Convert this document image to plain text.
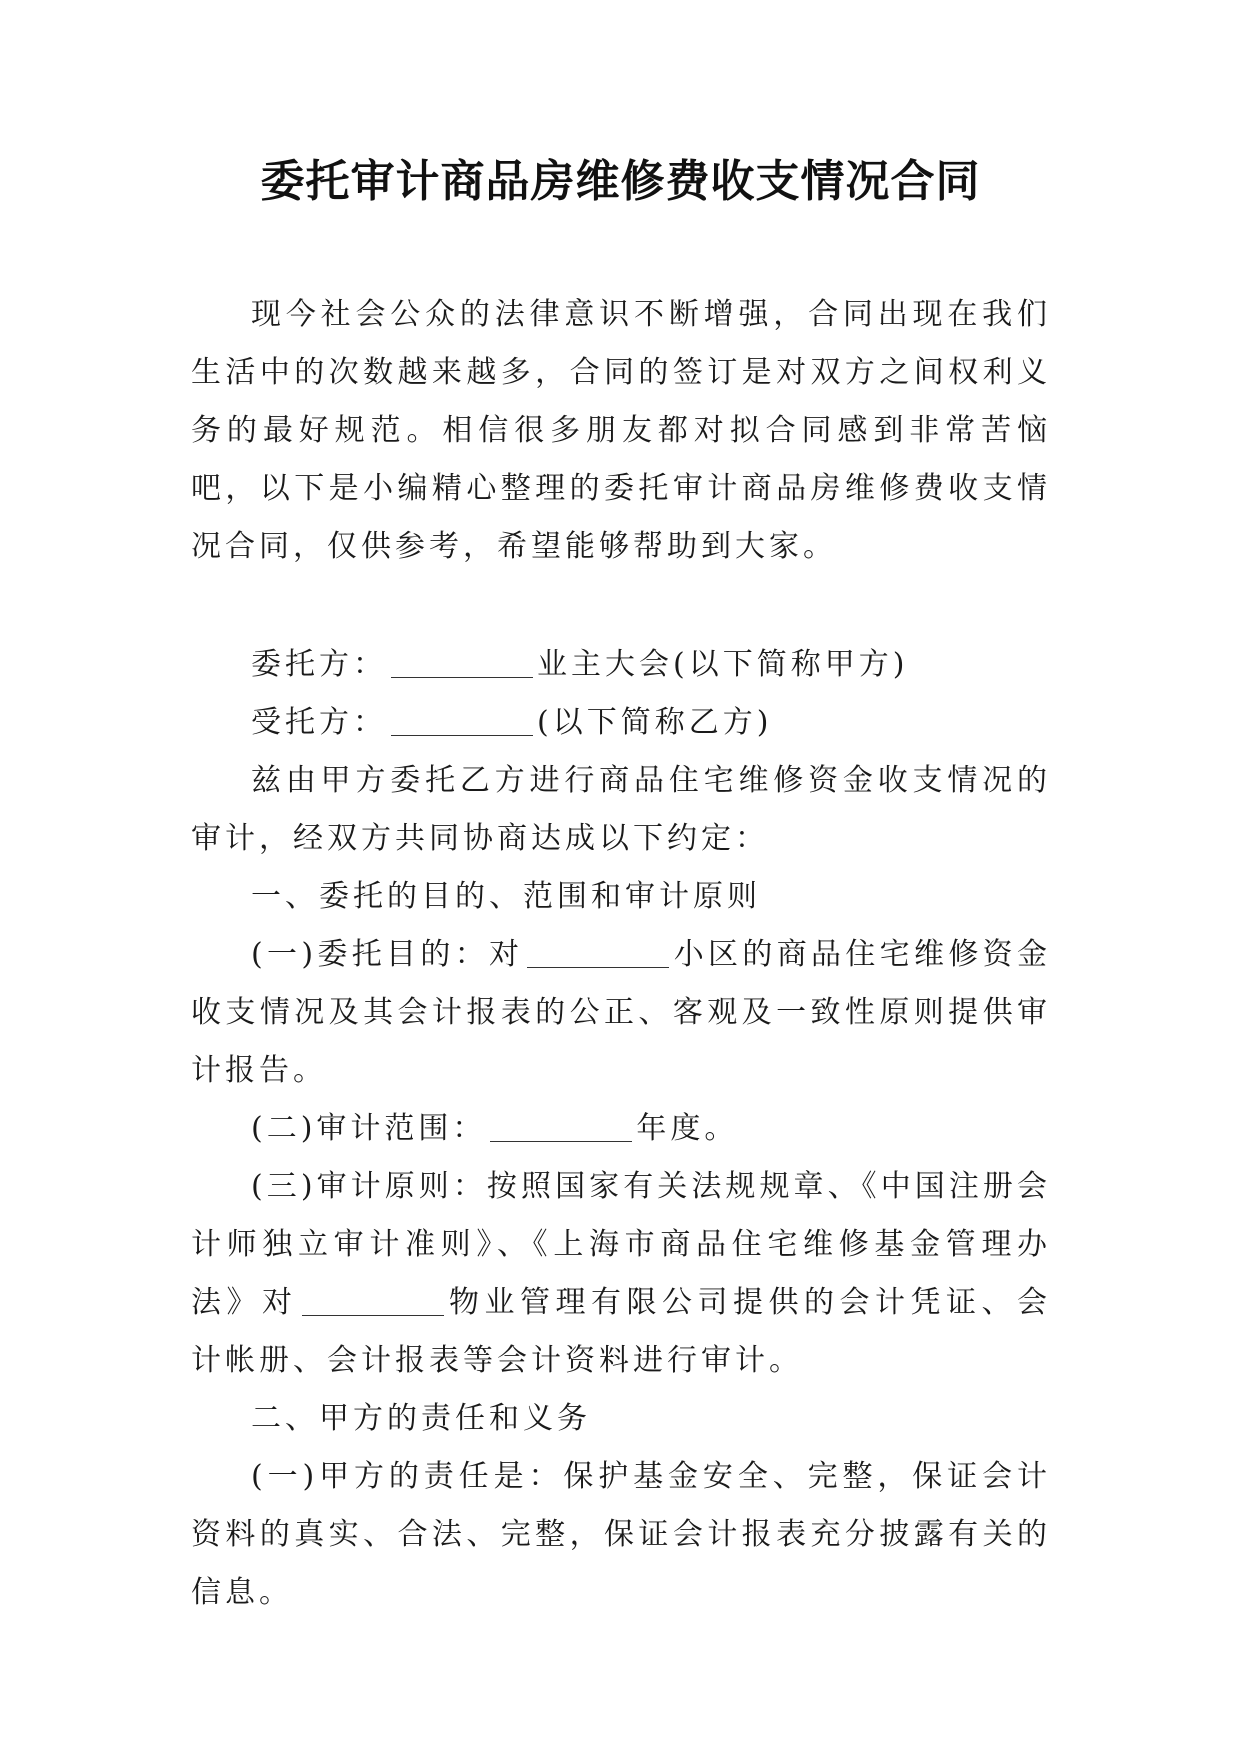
委托审计商品房维修费收支情况合同

现今社会公众的法律意识不断增强，合同出现在我们生活中的次数越来越多，合同的签订是对双方之间权利义务的最好规范。相信很多朋友都对拟合同感到非常苦恼吧，以下是小编精心整理的委托审计商品房维修费收支情况合同，仅供参考，希望能够帮助到大家。

委托方：	业主大会(以下简称甲方)

受托方：	(以下简称乙方)

兹由甲方委托乙方进行商品住宅维修资金收支情况的审计，经双方共同协商达成以下约定：

一、委托的目的、范围和审计原则

(一)委托目的：对	小区的商品住宅维修资金收支情况及其会计报表的公正、客观及一致性原则提供审计报告。

(二)审计范围：	年度。

(三)审计原则：按照国家有关法规规章、《中国注册会计师独立审计准则》、《上海市商品住宅维修基金管理办法》对	物业管理有限公司提供的会计凭证、会计帐册、会计报表等会计资料进行审计。

二、甲方的责任和义务

(一)甲方的责任是：保护基金安全、完整，保证会计资料的真实、合法、完整，保证会计报表充分披露有关的信息。
